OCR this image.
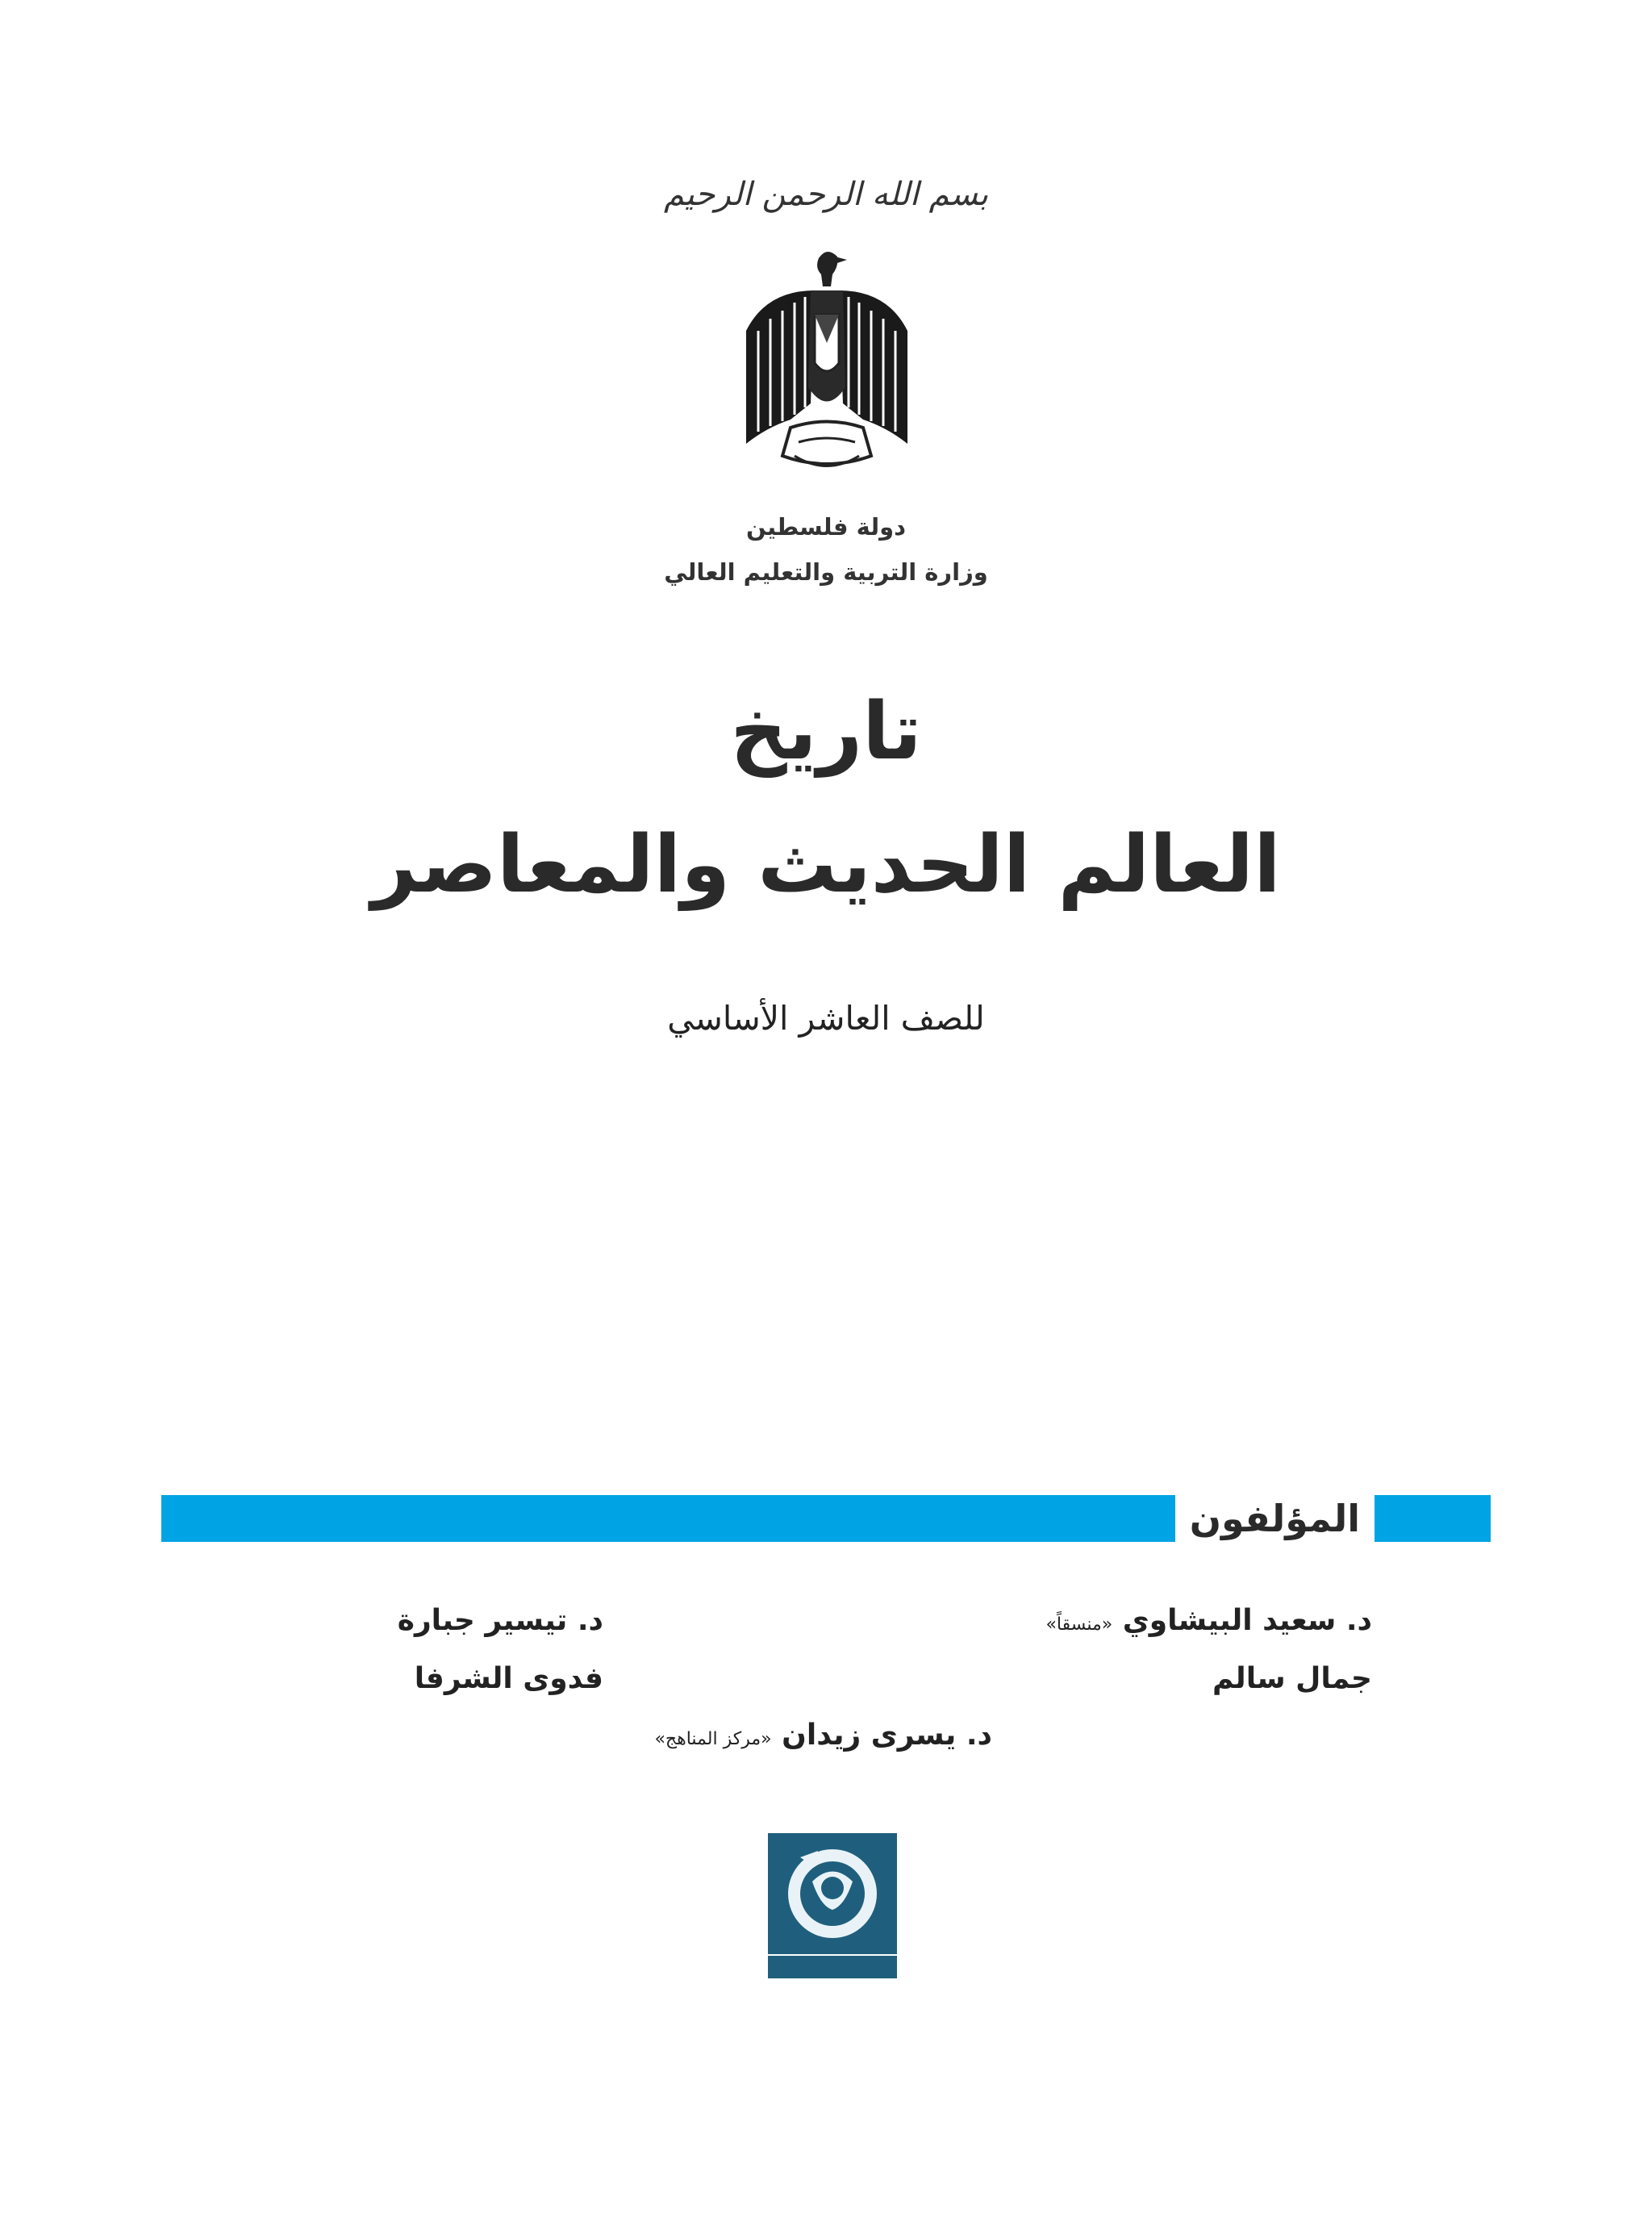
بسم الله الرحمن الرحيم
دولة فلسطين
وزارة التربية والتعليم العالي
تاريخ
العالم الحديث والمعاصر
للصف العاشر الأساسي
المؤلفون
د. سعيد البيشاوي «منسقاً»
جمال سالم
د. تيسير جبارة
فدوى الشرفا
د. يسرى زيدان «مركز المناهج»
